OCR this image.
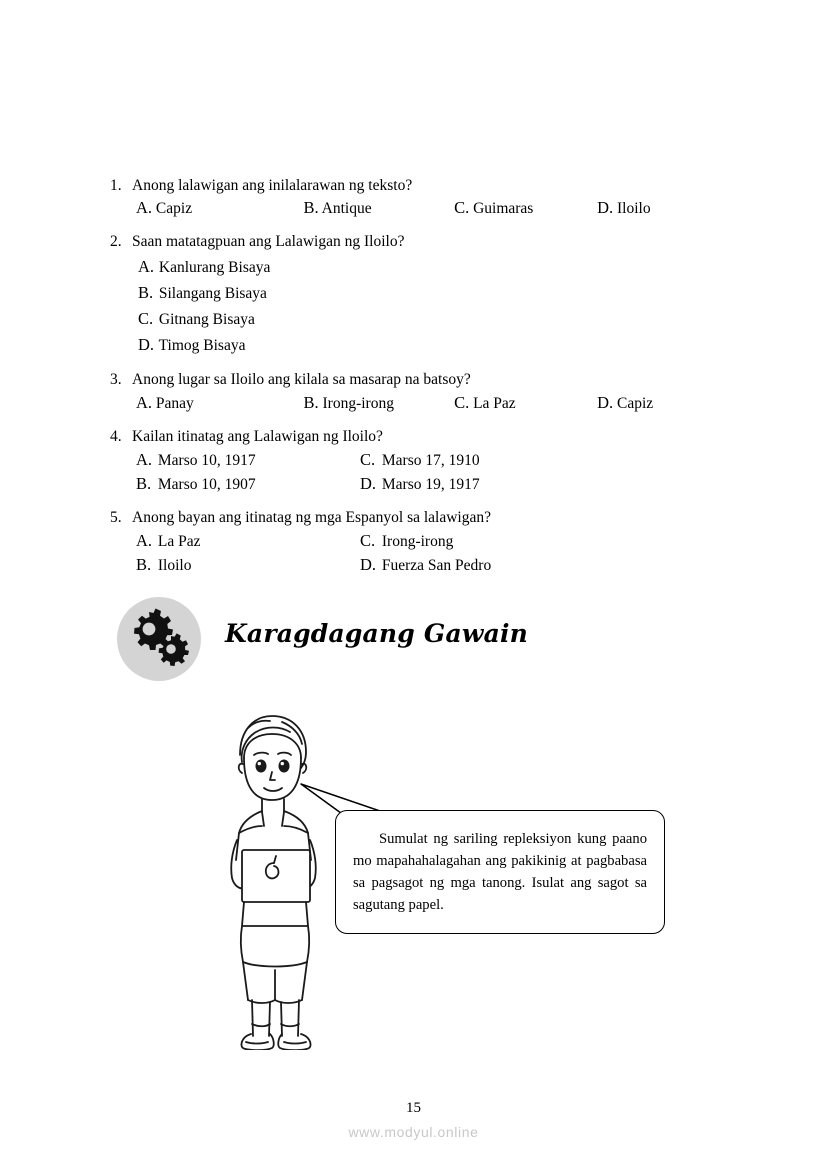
1. Anong lalawigan ang inilalarawan ng teksto?
A. Capiz	B. Antique	C. Guimaras	D. Iloilo
2. Saan matatagpuan ang Lalawigan ng Iloilo?
A. Kanlurang Bisaya
B. Silangang Bisaya
C. Gitnang Bisaya
D. Timog Bisaya
3. Anong lugar sa Iloilo ang kilala sa masarap na batsoy?
A. Panay	B. Irong-irong	C. La Paz	D. Capiz
4. Kailan itinatag ang Lalawigan ng Iloilo?
A. Marso 10, 1917	C. Marso 17, 1910
B. Marso 10, 1907	D. Marso 19, 1917
5. Anong bayan ang itinatag ng mga Espanyol sa lalawigan?
A. La Paz	C. Irong-irong
B. Iloilo	D. Fuerza San Pedro
Karagdagang Gawain
Sumulat ng sariling repleksiyon kung paano mo mapahahalagahan ang pakikinig at pagbabasa sa pagsagot ng mga tanong. Isulat ang sagot sa sagutang papel.
15
www.modyul.online
